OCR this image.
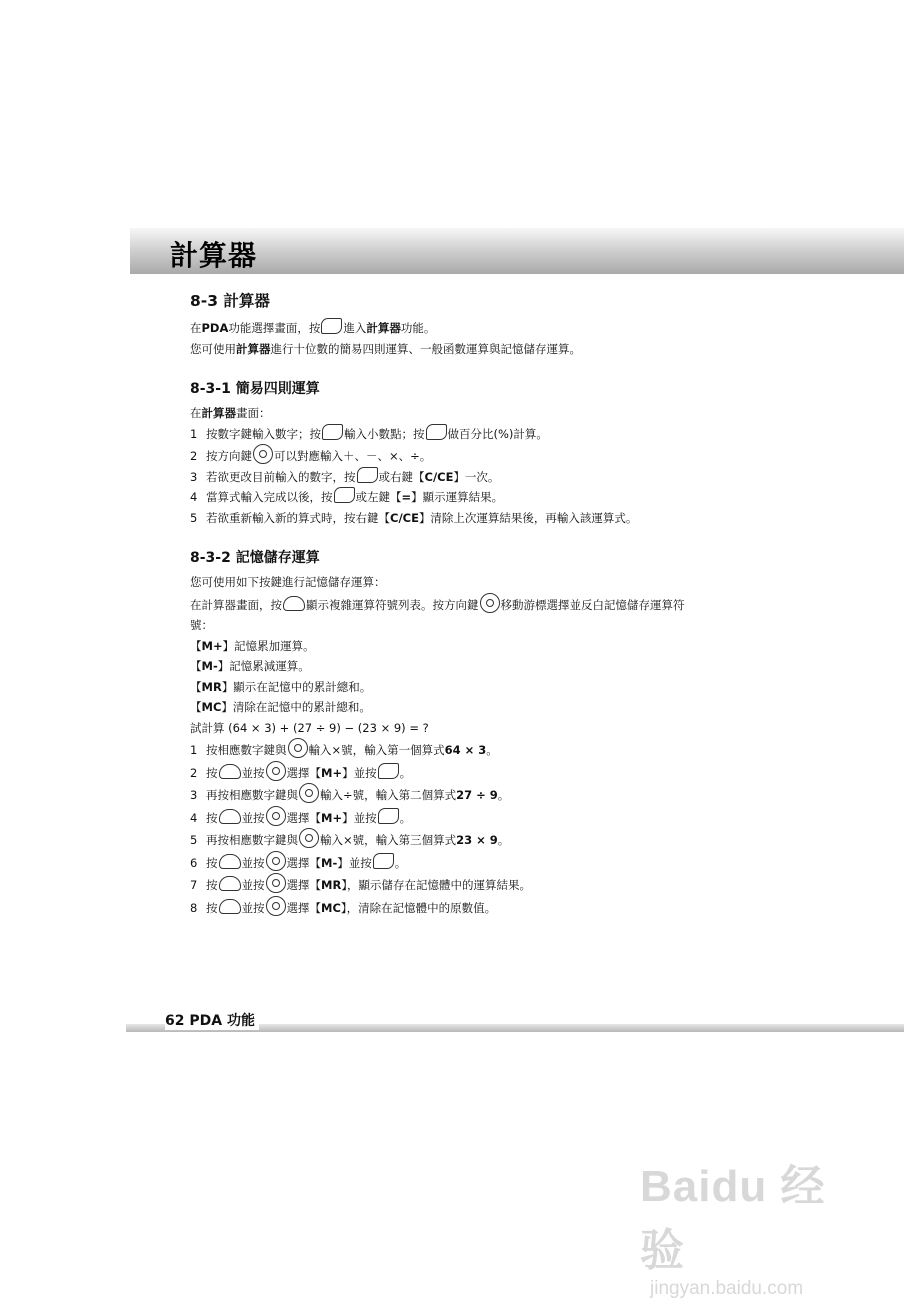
計算器
8-3 計算器
在PDA功能選擇畫面，按 進入計算器功能。
您可使用計算器進行十位數的簡易四則運算、一般函數運算與記憶儲存運算。
8-3-1 簡易四則運算
在計算器畫面：
1 按數字鍵輸入數字；按 輸入小數點；按 做百分比(%)計算。
2 按方向鍵 可以對應輸入＋、－、×、÷。
3 若欲更改目前輸入的數字，按 或右鍵【C/CE】一次。
4 當算式輸入完成以後，按 或左鍵【=】顯示運算結果。
5 若欲重新輸入新的算式時，按右鍵【C/CE】清除上次運算結果後，再輸入該運算式。
8-3-2 記憶儲存運算
您可使用如下按鍵進行記憶儲存運算：
在計算器畫面，按 顯示複雜運算符號列表。按方向鍵 移動游標選擇並反白記憶儲存運算符
號：
【M+】記憶累加運算。
【M-】記憶累減運算。
【MR】顯示在記憶中的累計總和。
【MC】清除在記憶中的累計總和。
試計算 (64 × 3) + (27 ÷ 9) − (23 × 9) = ?
1 按相應數字鍵與 輸入×號，輸入第一個算式64 × 3。
2 按 並按 選擇【M+】並按 。
3 再按相應數字鍵與 輸入÷號，輸入第二個算式27 ÷ 9。
4 按 並按 選擇【M+】並按 。
5 再按相應數字鍵與 輸入×號，輸入第三個算式23 × 9。
6 按 並按 選擇【M-】並按 。
7 按 並按 選擇【MR】，顯示儲存在記憶體中的運算結果。
8 按 並按 選擇【MC】，清除在記憶體中的原數值。
62 PDA 功能
Baidu 经验
jingyan.baidu.com
